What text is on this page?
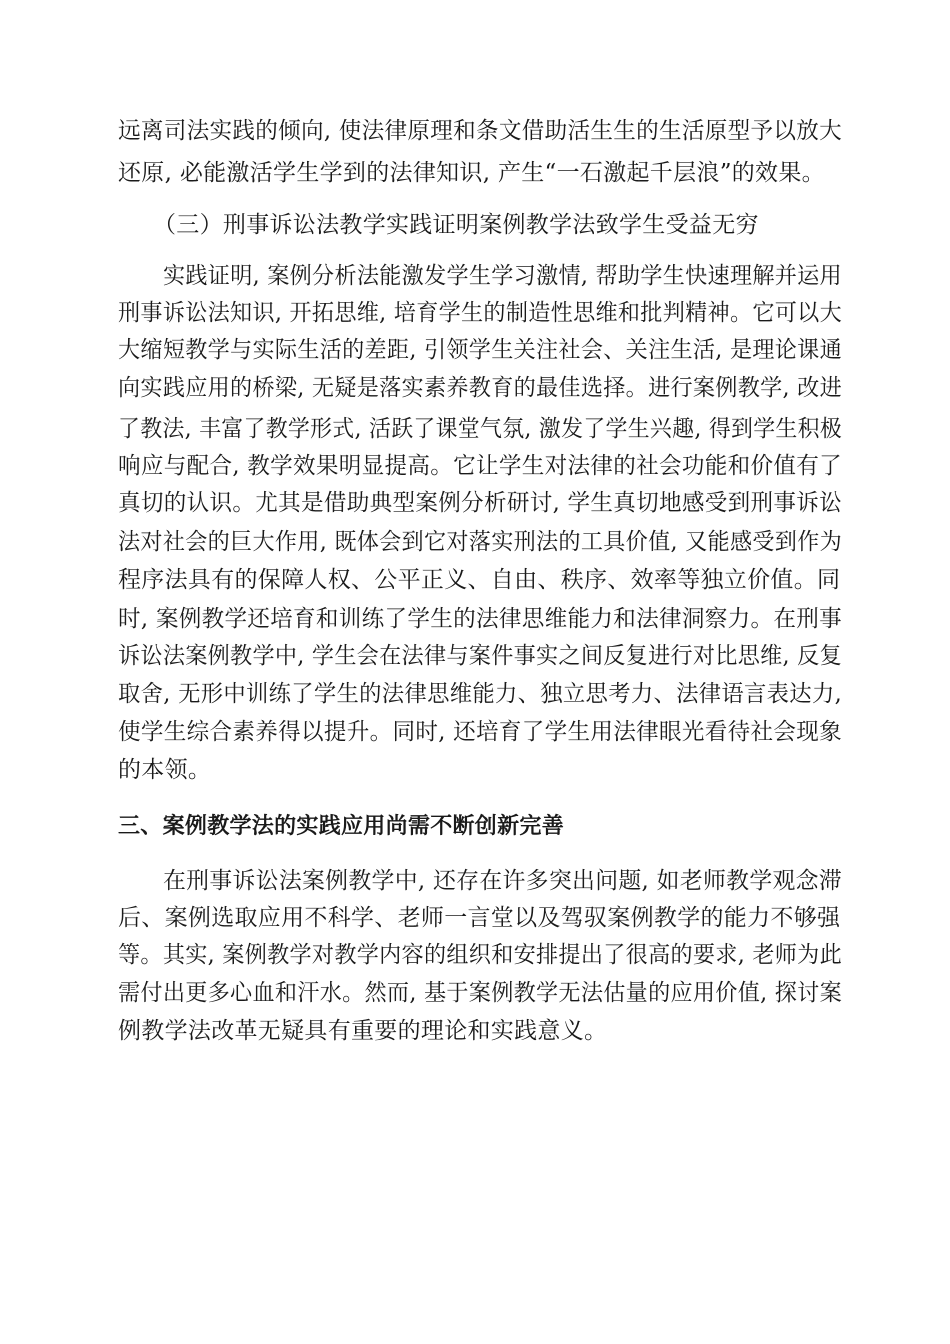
远离司法实践的倾向, 使法律原理和条文借助活生生的生活原型予以放大
还原, 必能激活学生学到的法律知识, 产生“一石激起千层浪”的效果。
（三）刑事诉讼法教学实践证明案例教学法致学生受益无穷
实践证明, 案例分析法能激发学生学习激情, 帮助学生快速理解并运用
刑事诉讼法知识, 开拓思维, 培育学生的制造性思维和批判精神。它可以大
大缩短教学与实际生活的差距, 引领学生关注社会、关注生活, 是理论课通
向实践应用的桥梁, 无疑是落实素养教育的最佳选择。进行案例教学, 改进
了教法, 丰富了教学形式, 活跃了课堂气氛, 激发了学生兴趣, 得到学生积极
响应与配合, 教学效果明显提高。它让学生对法律的社会功能和价值有了
真切的认识。尤其是借助典型案例分析研讨, 学生真切地感受到刑事诉讼
法对社会的巨大作用, 既体会到它对落实刑法的工具价值, 又能感受到作为
程序法具有的保障人权、公平正义、自由、秩序、效率等独立价值。同
时, 案例教学还培育和训练了学生的法律思维能力和法律洞察力。在刑事
诉讼法案例教学中, 学生会在法律与案件事实之间反复进行对比思维, 反复
取舍, 无形中训练了学生的法律思维能力、独立思考力、法律语言表达力,
使学生综合素养得以提升。同时, 还培育了学生用法律眼光看待社会现象
的本领。
三、案例教学法的实践应用尚需不断创新完善
在刑事诉讼法案例教学中, 还存在许多突出问题, 如老师教学观念滞
后、案例选取应用不科学、老师一言堂以及驾驭案例教学的能力不够强
等。其实, 案例教学对教学内容的组织和安排提出了很高的要求, 老师为此
需付出更多心血和汗水。然而, 基于案例教学无法估量的应用价值, 探讨案
例教学法改革无疑具有重要的理论和实践意义。
